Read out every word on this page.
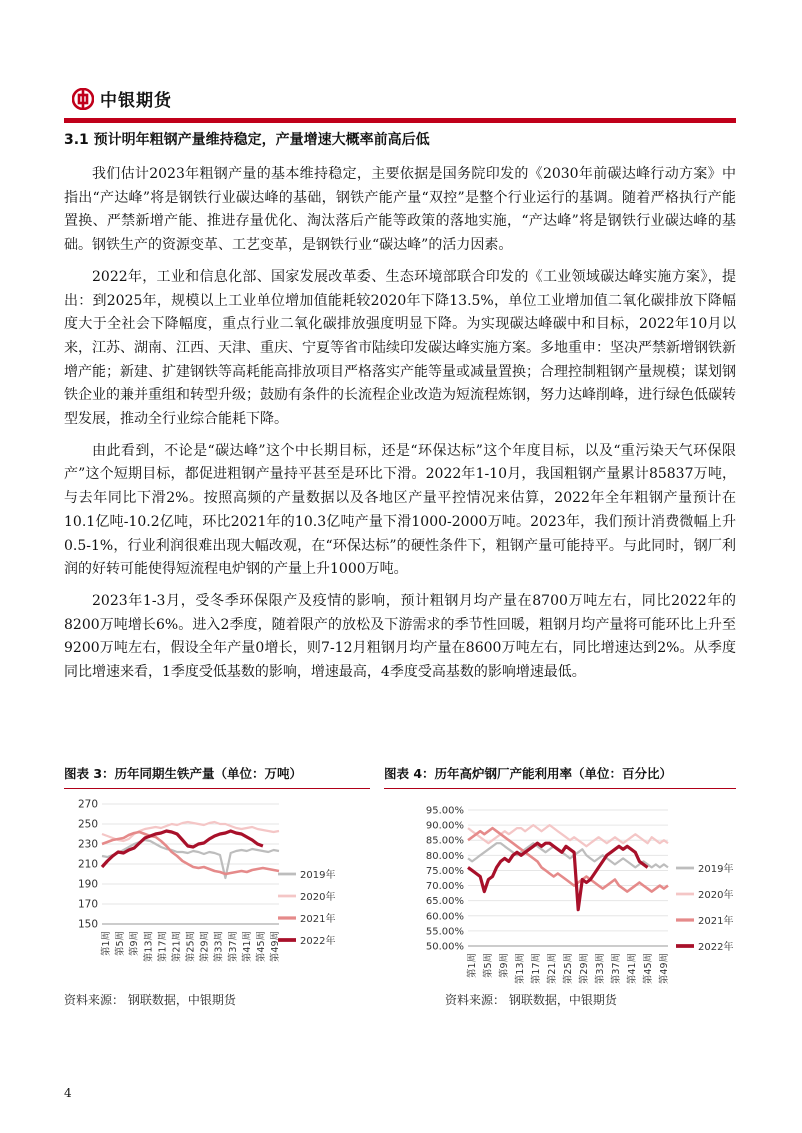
中银期货
3.1 预计明年粗钢产量维持稳定，产量增速大概率前高后低

我们估计2023年粗钢产量的基本维持稳定，主要依据是国务院印发的《2030年前碳达峰行动方案》中指出“产达峰”将是钢铁行业碳达峰的基础，钢铁产能产量“双控”是整个行业运行的基调。随着严格执行产能置换、严禁新增产能、推进存量优化、淘汰落后产能等政策的落地实施，“产达峰”将是钢铁行业碳达峰的基础。钢铁生产的资源变革、工艺变革，是钢铁行业“碳达峰”的活力因素。

2022年，工业和信息化部、国家发展改革委、生态环境部联合印发的《工业领域碳达峰实施方案》，提出：到2025年，规模以上工业单位增加值能耗较2020年下降13.5%，单位工业增加值二氧化碳排放下降幅度大于全社会下降幅度，重点行业二氧化碳排放强度明显下降。为实现碳达峰碳中和目标，2022年10月以来，江苏、湖南、江西、天津、重庆、宁夏等省市陆续印发碳达峰实施方案。多地重申：坚决严禁新增钢铁新增产能；新建、扩建钢铁等高耗能高排放项目严格落实产能等量或减量置换；合理控制粗钢产量规模；谋划钢铁企业的兼并重组和转型升级；鼓励有条件的长流程企业改造为短流程炼钢，努力达峰削峰，进行绿色低碳转型发展，推动全行业综合能耗下降。

由此看到，不论是“碳达峰”这个中长期目标，还是“环保达标”这个年度目标，以及“重污染天气环保限产”这个短期目标，都促进粗钢产量持平甚至是环比下滑。2022年1-10月，我国粗钢产量累计85837万吨，与去年同比下滑2%。按照高频的产量数据以及各地区产量平控情况来估算，2022年全年粗钢产量预计在10.1亿吨-10.2亿吨，环比2021年的10.3亿吨产量下滑1000-2000万吨。2023年，我们预计消费微幅上升0.5-1%，行业利润很难出现大幅改观，在“环保达标”的硬性条件下，粗钢产量可能持平。与此同时，钢厂利润的好转可能使得短流程电炉钢的产量上升1000万吨。

2023年1-3月，受冬季环保限产及疫情的影响，预计粗钢月均产量在8700万吨左右，同比2022年的8200万吨增长6%。进入2季度，随着限产的放松及下游需求的季节性回暖，粗钢月均产量将可能环比上升至9200万吨左右，假设全年产量0增长，则7-12月粗钢月均产量在8600万吨左右，同比增速达到2%。从季度同比增速来看，1季度受低基数的影响，增速最高，4季度受高基数的影响增速最低。

图表 3：历年同期生铁产量（单位：万吨）	图表 4：历年高炉钢厂产能利用率（单位：百分比）
150
170
190
210
230
250
270
第1周 第5周 第9周 第13周 第17周 第21周 第25周 第29周 第33周 第37周 第41周 第45周 第49周
2019年
2020年
2021年
2022年	50.00%
55.00%
60.00%
65.00%
70.00%
75.00%
80.00%
85.00%
90.00%
95.00%
第1周 第5周 第9周 第13周 第17周 第21周 第25周 第29周 第33周 第37周 第41周 第45周 第49周
2019年
2020年
2021年
2022年
资料来源： 钢联数据，中银期货	资料来源： 钢联数据，中银期货
4
